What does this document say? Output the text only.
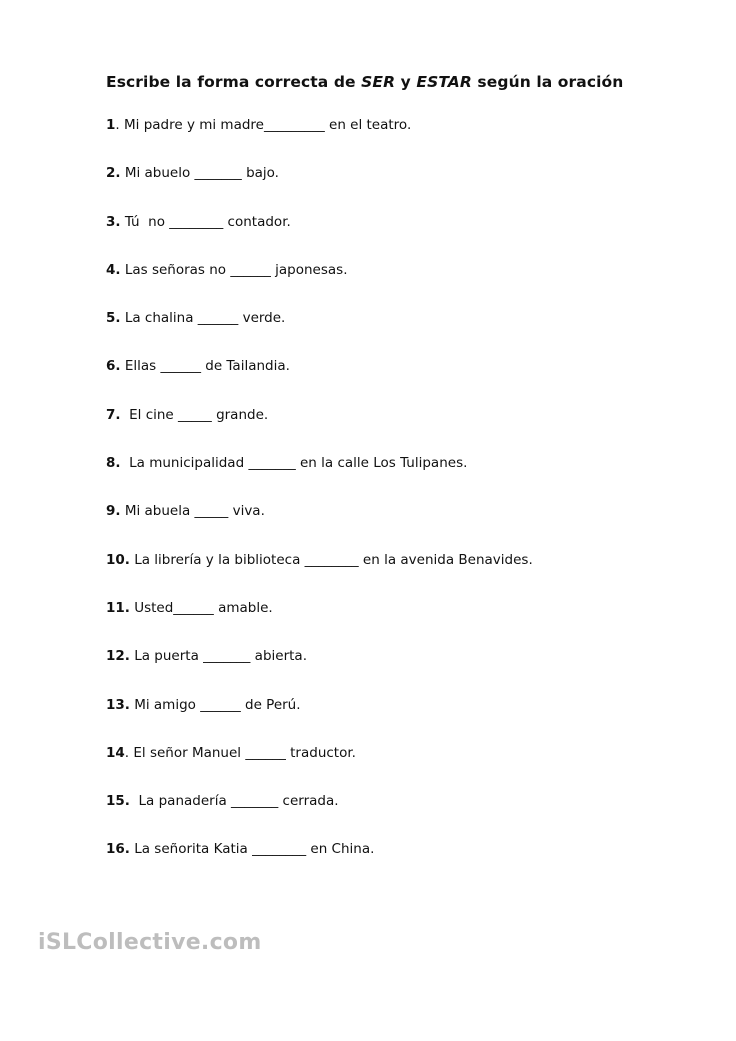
Escribe la forma correcta de SER y ESTAR según la oración
1. Mi padre y mi madre_________ en el teatro.
2. Mi abuelo _______ bajo.
3. Tú  no ________ contador.
4. Las señoras no ______ japonesas.
5. La chalina ______ verde.
6. Ellas ______ de Tailandia.
7. El cine _____ grande.
8. La municipalidad _______ en la calle Los Tulipanes.
9. Mi abuela _____ viva.
10. La librería y la biblioteca ________ en la avenida Benavides.
11. Usted______ amable.
12. La puerta _______ abierta.
13. Mi amigo ______ de Perú.
14. El señor Manuel ______ traductor.
15. La panadería _______ cerrada.
16. La señorita Katia ________ en China.
iSLCollective.com
